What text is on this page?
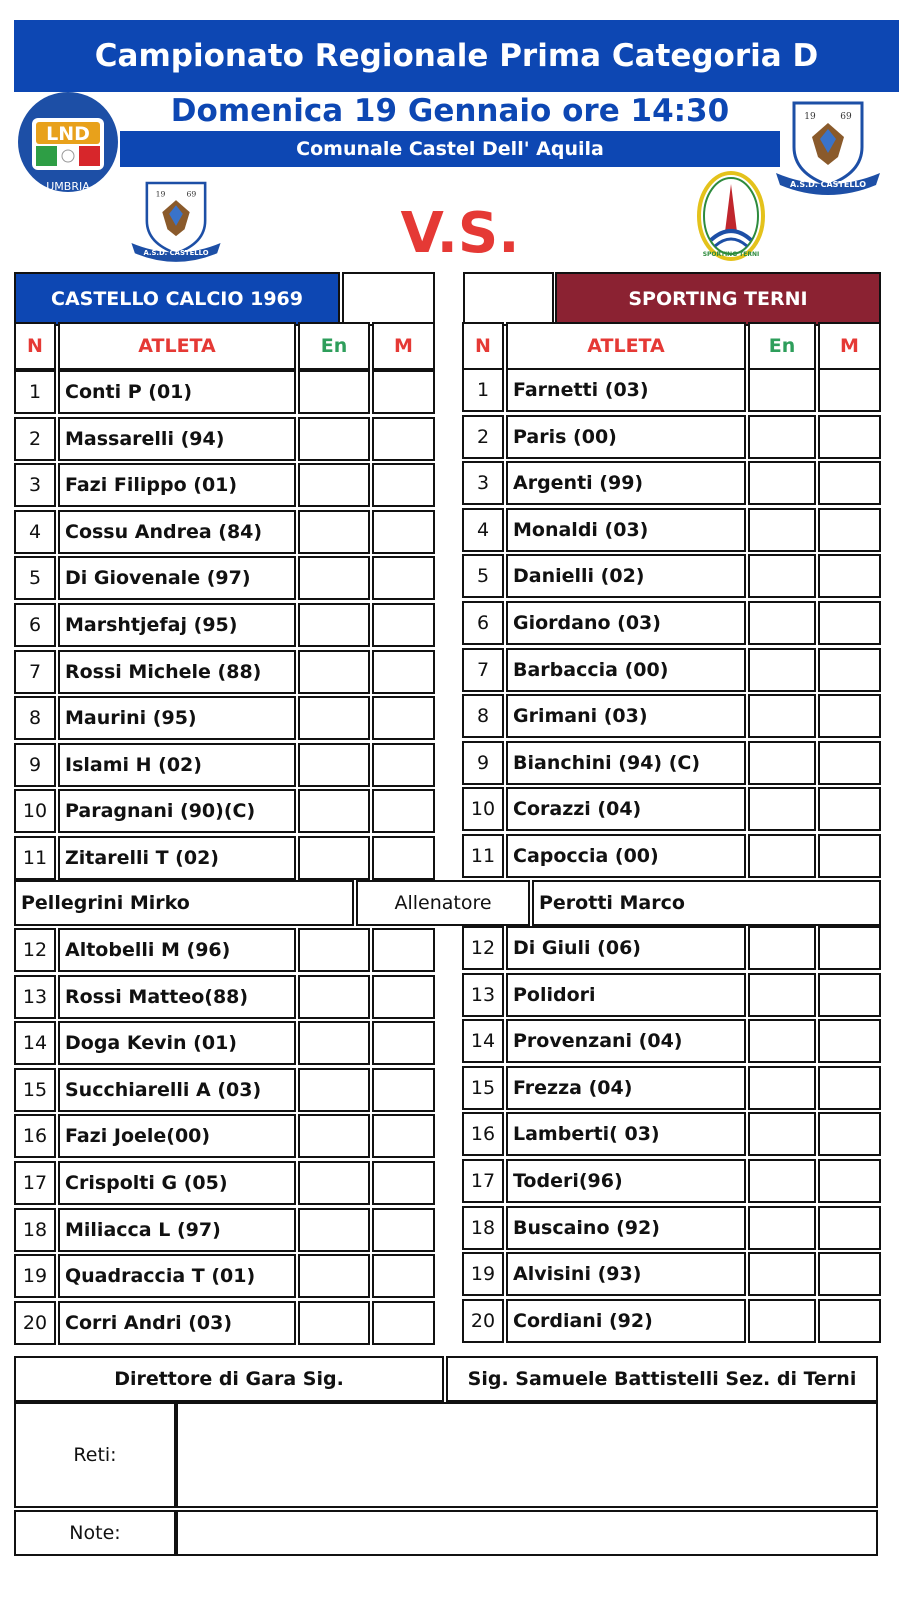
Campionato Regionale Prima Categoria D
Domenica 19 Gennaio ore 14:30
Comunale Castel Dell' Aquila
LND
UMBRIA
19	69
A.S.D. CASTELLO
19 69
A.S.D. CASTELLO	SPORTING TERNI
V.S.
CASTELLO CALCIO 1969	SPORTING TERNI
N	ATLETA	En	M	N	ATLETA	En	M
1	Conti P (01)
2	Massarelli (94)
3	Fazi Filippo (01)
4	Cossu Andrea (84)
5	Di Giovenale (97)
6	Marshtjefaj (95)
7	Rossi Michele (88)
8	Maurini (95)
9	Islami H (02)
10 Paragnani (90)(C)
11 Zitarelli T (02)
1	Farnetti (03)
2	Paris (00)
3	Argenti (99)
4	Monaldi (03)
5	Danielli (02)
6	Giordano (03)
7	Barbaccia (00)
8	Grimani (03)
9	Bianchini (94) (C)
10 Corazzi (04)
11 Capoccia (00)
12 Altobelli M (96)
13 Rossi Matteo(88)
14 Doga Kevin (01)
15 Succhiarelli A (03)
16 Fazi Joele(00)
17 Crispolti G (05)
18 Miliacca L (97)
19 Quadraccia T (01)
20 Corri Andri (03)
12 Di Giuli (06)
13 Polidori
14 Provenzani (04)
15 Frezza (04)
16 Lamberti( 03)
17 Toderi(96)
18 Buscaino (92)
19 Alvisini (93)
20 Cordiani (92)
Pellegrini Mirko	Allenatore	Perotti Marco
Direttore di Gara Sig.	Sig. Samuele Battistelli Sez. di Terni
Reti:
Note:
